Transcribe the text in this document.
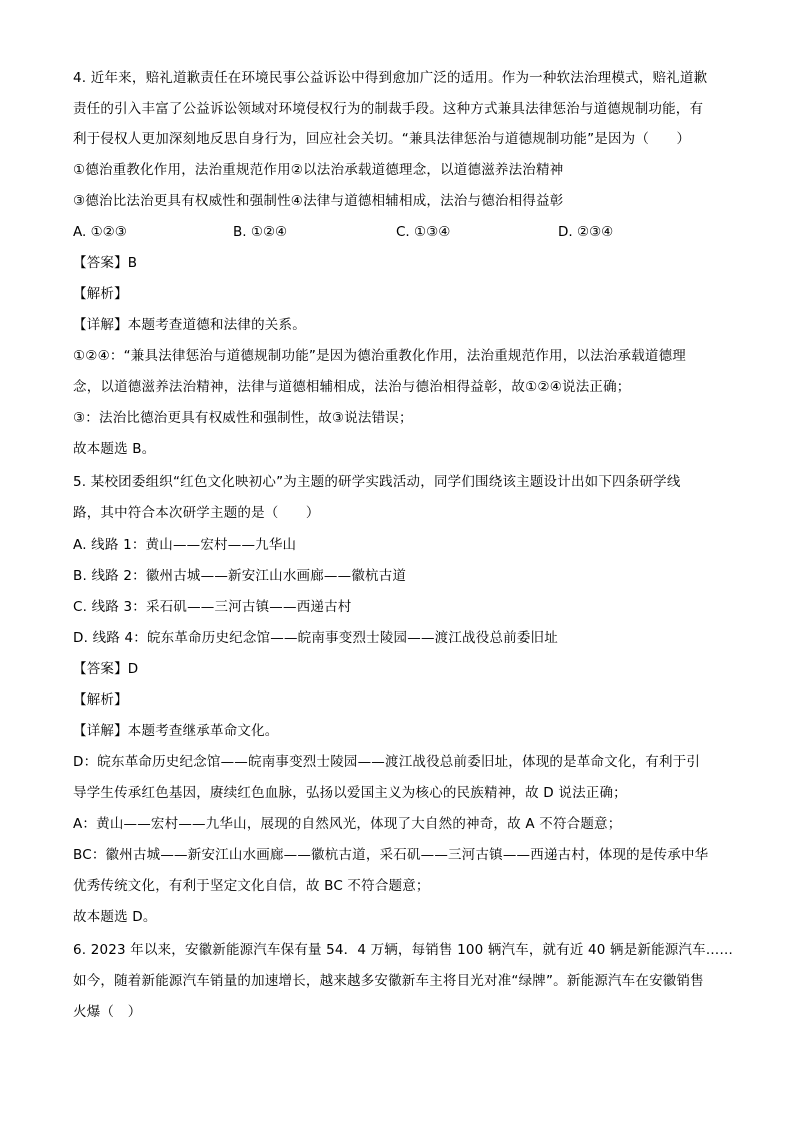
4. 近年来，赔礼道歉责任在环境民事公益诉讼中得到愈加广泛的适用。作为一种软法治理模式，赔礼道歉

责任的引入丰富了公益诉讼领域对环境侵权行为的制裁手段。这种方式兼具法律惩治与道德规制功能，有

利于侵权人更加深刻地反思自身行为，回应社会关切。“兼具法律惩治与道德规制功能”是因为（　　）

①德治重教化作用，法治重规范作用②以法治承载道德理念，以道德滋养法治精神

③德治比法治更具有权威性和强制性④法律与道德相辅相成，法治与德治相得益彰

A. ①②③	B. ①②④	C. ①③④	D. ②③④

【答案】B

【解析】

【详解】本题考查道德和法律的关系。

①②④：“兼具法律惩治与道德规制功能”是因为德治重教化作用，法治重规范作用，以法治承载道德理

念，以道德滋养法治精神，法律与道德相辅相成，法治与德治相得益彰，故①②④说法正确；

③：法治比德治更具有权威性和强制性，故③说法错误；

故本题选 B。

5. 某校团委组织“红色文化映初心”为主题的研学实践活动，同学们围绕该主题设计出如下四条研学线

路，其中符合本次研学主题的是（　　）

A. 线路 1：黄山——宏村——九华山

B. 线路 2：徽州古城——新安江山水画廊——徽杭古道

C. 线路 3：采石矶——三河古镇——西递古村

D. 线路 4：皖东革命历史纪念馆——皖南事变烈士陵园——渡江战役总前委旧址

【答案】D

【解析】

【详解】本题考查继承革命文化。

D：皖东革命历史纪念馆——皖南事变烈士陵园——渡江战役总前委旧址，体现的是革命文化，有利于引

导学生传承红色基因，赓续红色血脉，弘扬以爱国主义为核心的民族精神，故 D 说法正确；

A：黄山——宏村——九华山，展现的自然风光，体现了大自然的神奇，故 A 不符合题意；

BC：徽州古城——新安江山水画廊——徽杭古道，采石矶——三河古镇——西递古村，体现的是传承中华

优秀传统文化，有利于坚定文化自信，故 BC 不符合题意；

故本题选 D。

6. 2023 年以来，安徽新能源汽车保有量 54．4 万辆，每销售 100 辆汽车，就有近 40 辆是新能源汽车……

如今，随着新能源汽车销量的加速增长，越来越多安徽新车主将目光对准“绿牌”。新能源汽车在安徽销售

火爆（　）
